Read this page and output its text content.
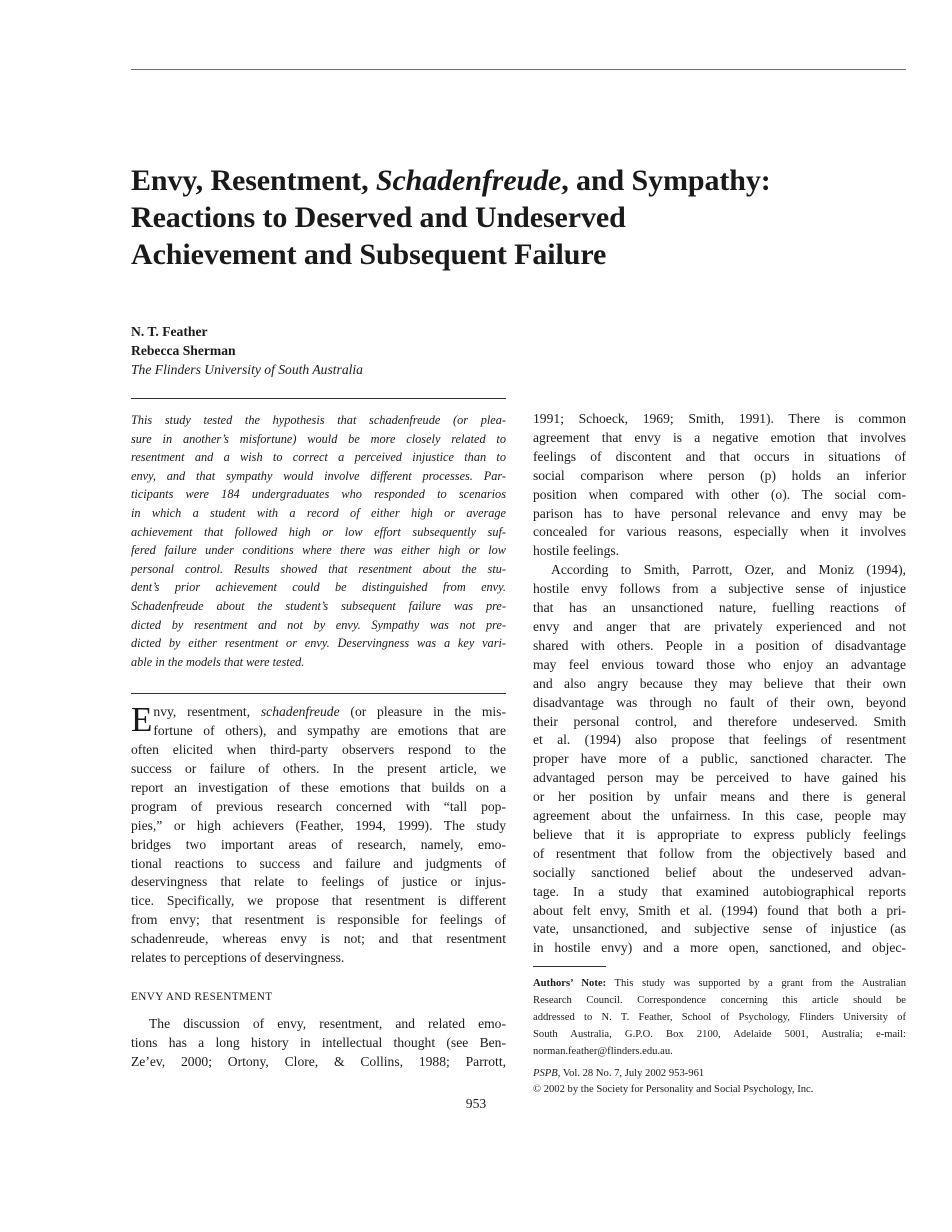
Envy, Resentment, Schadenfreude, and Sympathy:
Reactions to Deserved and Undeserved
Achievement and Subsequent Failure
N. T. Feather
Rebecca Sherman
The Flinders University of South Australia
This study tested the hypothesis that schadenfreude (or plea-
sure in another’s misfortune) would be more closely related to
resentment and a wish to correct a perceived injustice than to
envy, and that sympathy would involve different processes. Par-
ticipants were 184 undergraduates who responded to scenarios
in which a student with a record of either high or average
achievement that followed high or low effort subsequently suf-
fered failure under conditions where there was either high or low
personal control. Results showed that resentment about the stu-
dent’s prior achievement could be distinguished from envy.
Schadenfreude about the student’s subsequent failure was pre-
dicted by resentment and not by envy. Sympathy was not pre-
dicted by either resentment or envy. Deservingness was a key vari-
able in the models that were tested.
E nvy, resentment, schadenfreude (or pleasure in the mis-
fortune of others), and sympathy are emotions that are
often elicited when third-party observers respond to the
success or failure of others. In the present article, we
report an investigation of these emotions that builds on a
program of previous research concerned with “tall pop-
pies,” or high achievers (Feather, 1994, 1999). The study
bridges two important areas of research, namely, emo-
tional reactions to success and failure and judgments of
deservingness that relate to feelings of justice or injus-
tice. Specifically, we propose that resentment is different
from envy; that resentment is responsible for feelings of
schadenreude, whereas envy is not; and that resentment
relates to perceptions of deservingness.
ENVY AND RESENTMENT
The discussion of envy, resentment, and related emo-
tions has a long history in intellectual thought (see Ben-
Ze’ev, 2000; Ortony, Clore, & Collins, 1988; Parrott,
1991; Schoeck, 1969; Smith, 1991). There is common
agreement that envy is a negative emotion that involves
feelings of discontent and that occurs in situations of
social comparison where person (p) holds an inferior
position when compared with other (o). The social com-
parison has to have personal relevance and envy may be
concealed for various reasons, especially when it involves
hostile feelings.
According to Smith, Parrott, Ozer, and Moniz (1994),
hostile envy follows from a subjective sense of injustice
that has an unsanctioned nature, fuelling reactions of
envy and anger that are privately experienced and not
shared with others. People in a position of disadvantage
may feel envious toward those who enjoy an advantage
and also angry because they may believe that their own
disadvantage was through no fault of their own, beyond
their personal control, and therefore undeserved. Smith
et al. (1994) also propose that feelings of resentment
proper have more of a public, sanctioned character. The
advantaged person may be perceived to have gained his
or her position by unfair means and there is general
agreement about the unfairness. In this case, people may
believe that it is appropriate to express publicly feelings
of resentment that follow from the objectively based and
socially sanctioned belief about the undeserved advan-
tage. In a study that examined autobiographical reports
about felt envy, Smith et al. (1994) found that both a pri-
vate, unsanctioned, and subjective sense of injustice (as
in hostile envy) and a more open, sanctioned, and objec-
Authors’ Note: This study was supported by a grant from the Australian
Research Council. Correspondence concerning this article should be
addressed to N. T. Feather, School of Psychology, Flinders University of
South Australia, G.P.O. Box 2100, Adelaide 5001, Australia; e-mail:
norman.feather@flinders.edu.au.
PSPB, Vol. 28 No. 7, July 2002 953-961
© 2002 by the Society for Personality and Social Psychology, Inc.
953
